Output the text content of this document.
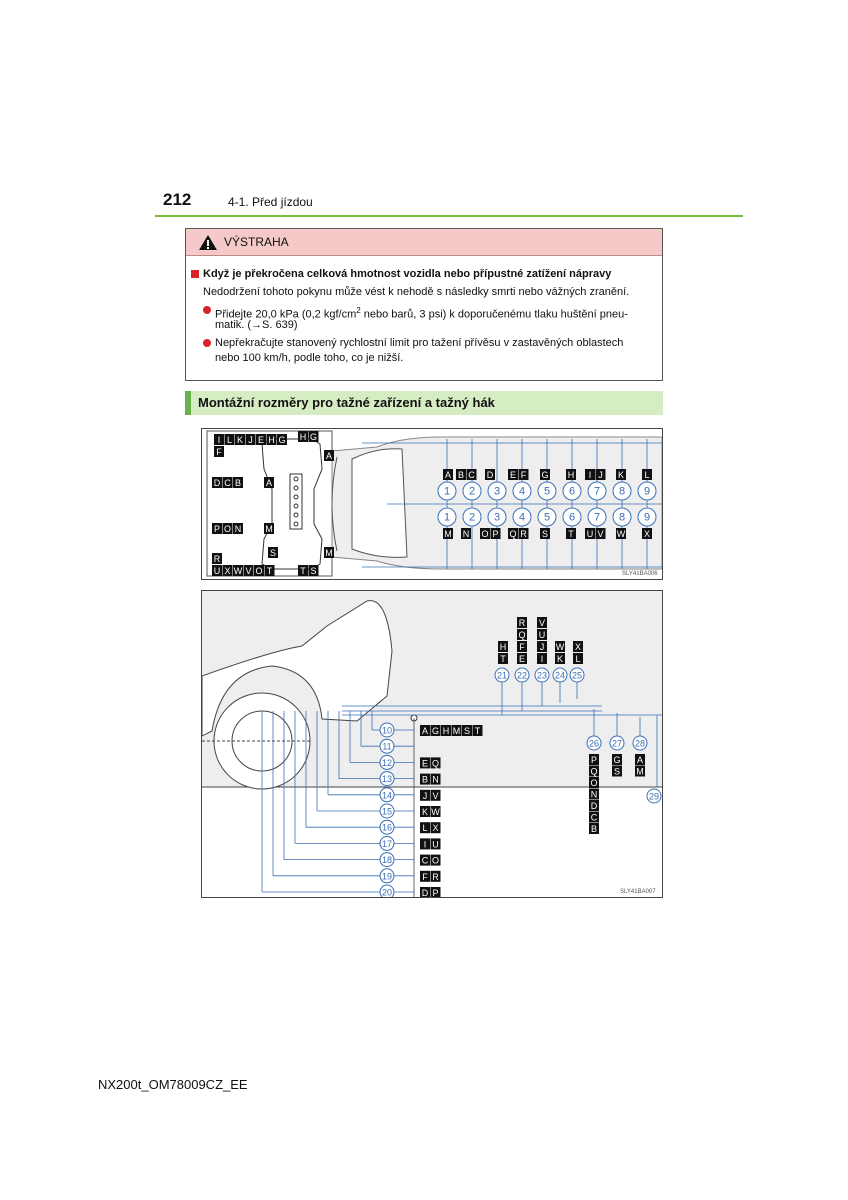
212	4-1. Před jízdou
VÝSTRAHA
Když je překročena celková hmotnost vozidla nebo přípustné zatížení nápravy
Nedodržení tohoto pokynu může vést k nehodě s následky smrti nebo vážných zranění.
Přidejte 20,0 kPa (0,2 kgf/$cm^2$ nebo barů, 3 psi) k doporučenému tlaku huštění pneu-
matik. (→S. 639)
Nepřekračujte stanovený rychlostní limit pro tažení přívěsu v zastavěných oblastech
nebo 100 km/h, podle toho, co je nižší.
Montážní rozměry pro tažné zařízení a tažný hák
A B C D E F G H I J K L
1 2 3 4 5 6 7 8 9
1 2 3 4 5 6 7 8 9
M N O P Q R S T U V W X
I L K J E H G H G
F	A
D C B	A
P O N	M
R
S	M
U X W V O T	T S	SLY41BA006
R
Q
F
E
V
U
J
I
H
T
W
K
X
L
21 22 23 24 25
10
11
12
13
14
15
16
17
18
19
20
A G H M S T
E Q
B N
J V
K W
L X
I U
C O
F R
D P
26 27 28
29
P
Q
O
N
D
C
B
G
S
A
M
SLY41BA007
NX200t_OM78009CZ_EE
